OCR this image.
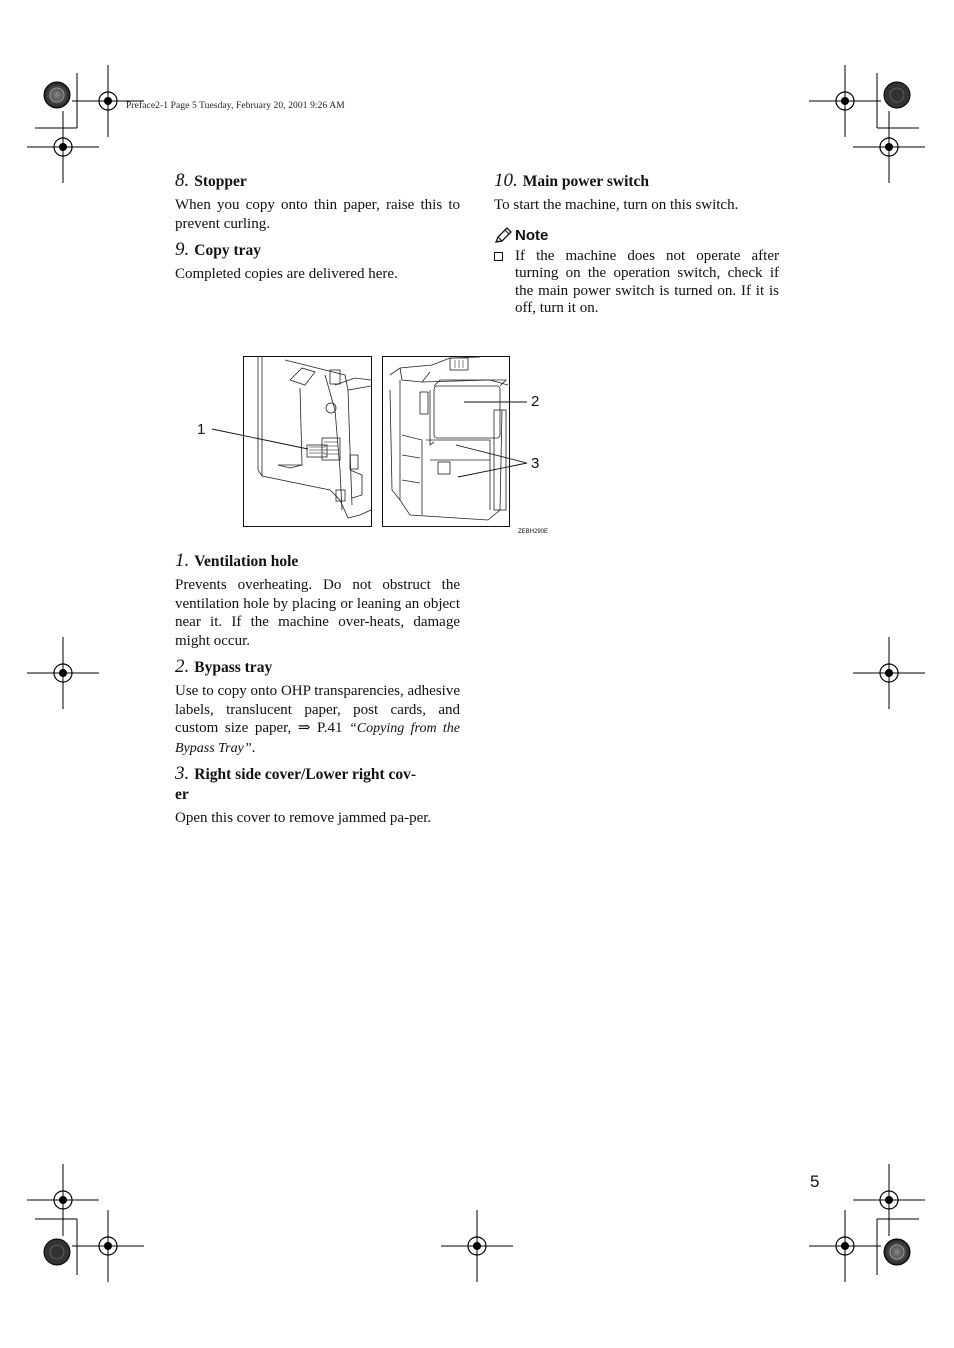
Preface2-1 Page 5 Tuesday, February 20, 2001 9:26 AM
8. Stopper
When you copy onto thin paper, raise this to prevent curling.
9. Copy tray
Completed copies are delivered here.
10. Main power switch
To start the machine, turn on this switch.
Note
If the machine does not operate after turning on the operation switch, check if the main power switch is turned on. If it is off, turn it on.
1
2
3
ZEBH290E
1. Ventilation hole
Prevents overheating. Do not obstruct the ventilation hole by placing or leaning an object near it. If the machine over-heats, damage might occur.
2. Bypass tray
Use to copy onto OHP transparencies, adhesive labels, translucent paper, post cards, and custom size paper, ⇒ P.41 “Copying from the Bypass Tray”.
3. Right side cover/Lower right cov-
er
Open this cover to remove jammed pa-per.
5
